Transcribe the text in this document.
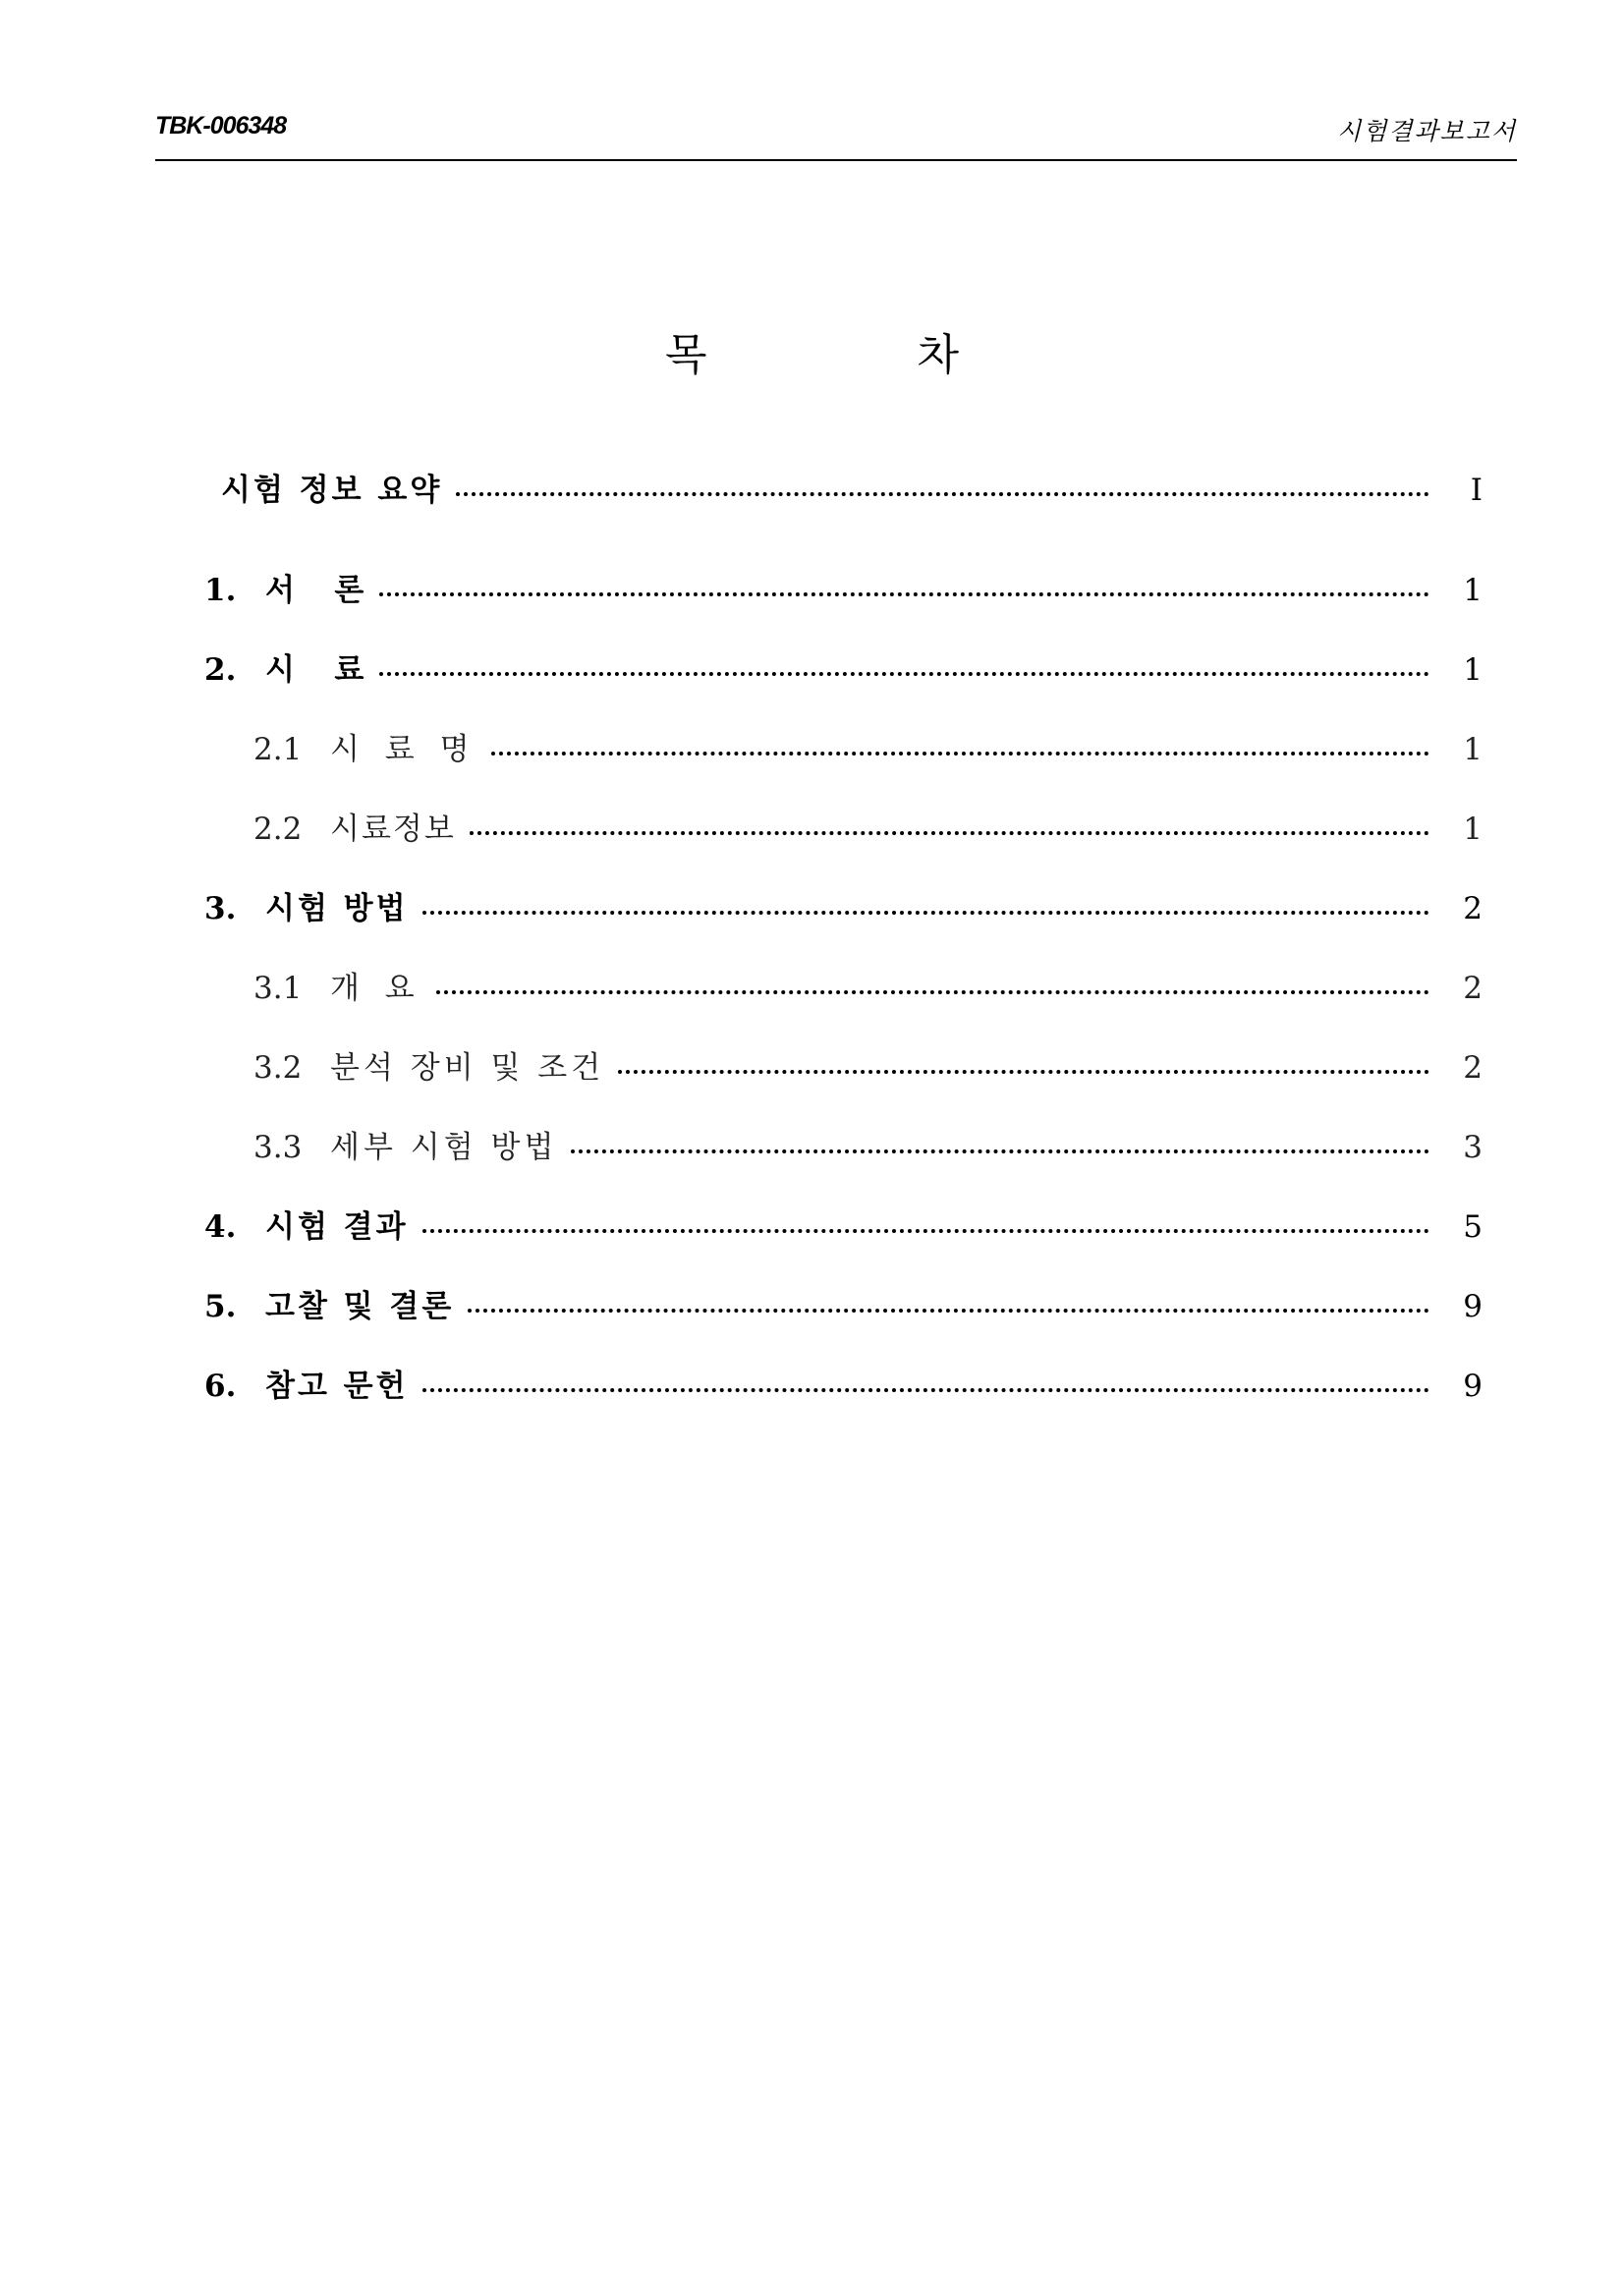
TBK-006348	시험결과보고서
목 차
시험 정보 요약	I
1. 서   론	1
2. 시   료	1
2.1 시 료 명	1
2.2 시료정보	1
3. 시험 방법	2
3.1 개 요	2
3.2 분석 장비 및 조건	2
3.3 세부 시험 방법	3
4. 시험 결과	5
5. 고찰 및 결론	9
6. 참고 문헌	9
